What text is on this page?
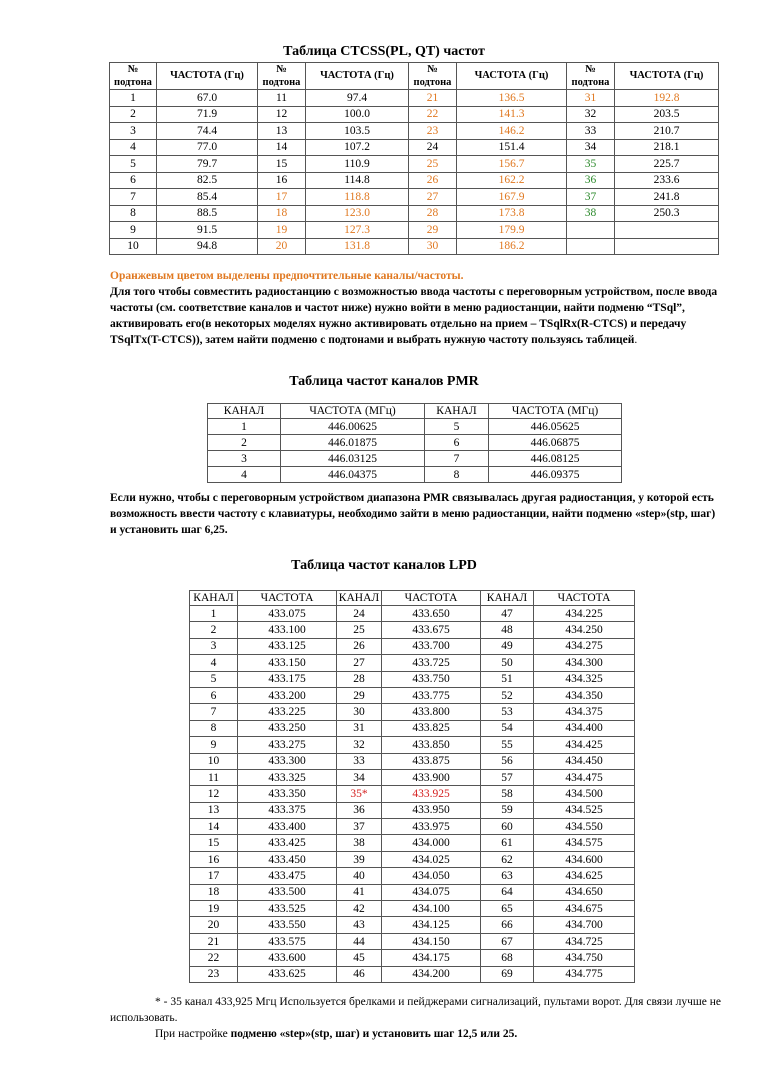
Таблица CTCSS(PL, QT) частот
№
подтона	ЧАСТОТА (Гц)	№
подтона	ЧАСТОТА (Гц)	№
подтона	ЧАСТОТА (Гц)	№
подтона	ЧАСТОТА (Гц)
1	67.0	11	97.4	21	136.5	31	192.8
2	71.9	12	100.0	22	141.3	32	203.5
3	74.4	13	103.5	23	146.2	33	210.7
4	77.0	14	107.2	24	151.4	34	218.1
5	79.7	15	110.9	25	156.7	35	225.7
6	82.5	16	114.8	26	162.2	36	233.6
7	85.4	17	118.8	27	167.9	37	241.8
8	88.5	18	123.0	28	173.8	38	250.3
9	91.5	19	127.3	29	179.9		
10	94.8	20	131.8	30	186.2		
Оранжевым цветом выделены предпочтительные каналы/частоты.
Для того чтобы совместить радиостанцию с возможностью ввода частоты с переговорным устройством, после ввода частоты (см. соответствие каналов и частот ниже) нужно войти в меню радиостанции, найти подменю “TSql”, активировать его(в некоторых моделях нужно активировать отдельно на прием – TSqlRx(R-CTCS) и передачу TSqlTx(T-CTCS)), затем найти подменю с подтонами и выбрать нужную частоту пользуясь таблицей.
Таблица частот каналов PMR
КАНАЛ	ЧАСТОТА (МГц)	КАНАЛ	ЧАСТОТА (МГц)
1	446.00625	5	446.05625
2	446.01875	6	446.06875
3	446.03125	7	446.08125
4	446.04375	8	446.09375
Если нужно, чтобы с переговорным устройством диапазона PMR связывалась другая радиостанция, у которой есть возможность ввести частоту с клавиатуры, необходимо зайти в меню радиостанции, найти подменю «step»(stp, шаг) и установить шаг 6,25.
Таблица частот каналов LPD
КАНАЛ	ЧАСТОТА	КАНАЛ	ЧАСТОТА	КАНАЛ	ЧАСТОТА
1	433.075	24	433.650	47	434.225
2	433.100	25	433.675	48	434.250
3	433.125	26	433.700	49	434.275
4	433.150	27	433.725	50	434.300
5	433.175	28	433.750	51	434.325
6	433.200	29	433.775	52	434.350
7	433.225	30	433.800	53	434.375
8	433.250	31	433.825	54	434.400
9	433.275	32	433.850	55	434.425
10	433.300	33	433.875	56	434.450
11	433.325	34	433.900	57	434.475
12	433.350	35*	433.925	58	434.500
13	433.375	36	433.950	59	434.525
14	433.400	37	433.975	60	434.550
15	433.425	38	434.000	61	434.575
16	433.450	39	434.025	62	434.600
17	433.475	40	434.050	63	434.625
18	433.500	41	434.075	64	434.650
19	433.525	42	434.100	65	434.675
20	433.550	43	434.125	66	434.700
21	433.575	44	434.150	67	434.725
22	433.600	45	434.175	68	434.750
23	433.625	46	434.200	69	434.775
* - 35 канал 433,925 Мгц Используется брелками и пейджерами сигнализаций, пультами ворот. Для связи лучше не использовать.
При настройке подменю «step»(stp, шаг) и установить шаг 12,5 или 25.
